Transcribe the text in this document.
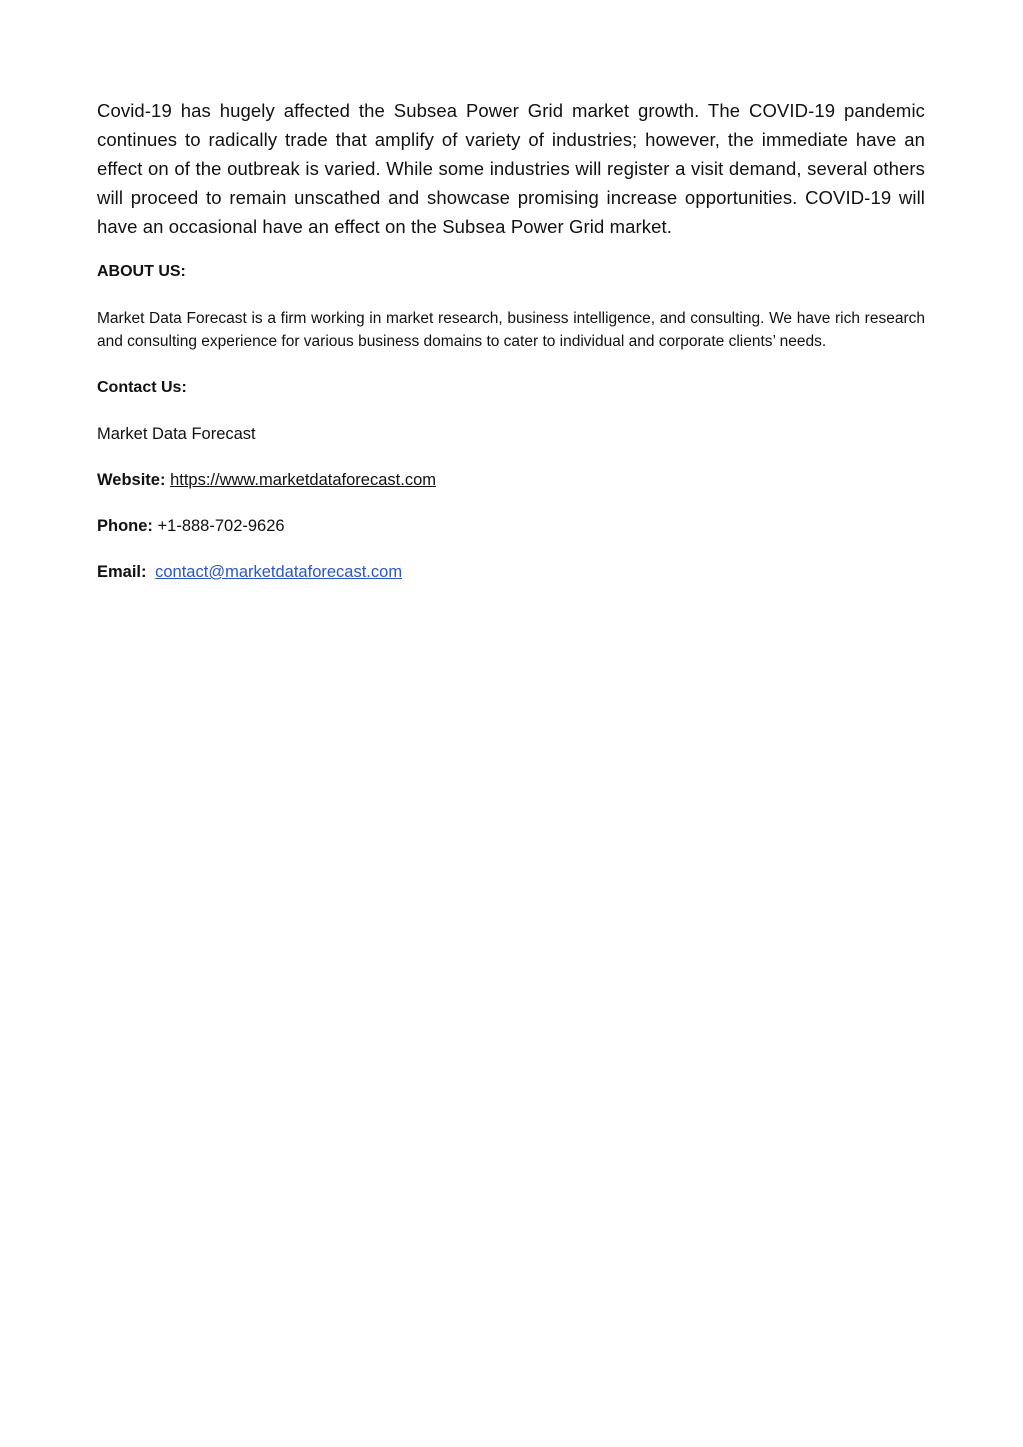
Covid-19 has hugely affected the Subsea Power Grid market growth. The COVID-19 pandemic continues to radically trade that amplify of variety of industries; however, the immediate have an effect on of the outbreak is varied. While some industries will register a visit demand, several others will proceed to remain unscathed and showcase promising increase opportunities. COVID-19 will have an occasional have an effect on the Subsea Power Grid market.

ABOUT US:

Market Data Forecast is a firm working in market research, business intelligence, and consulting. We have rich research and consulting experience for various business domains to cater to individual and corporate clients’ needs.

Contact Us:

Market Data Forecast

Website: https://www.marketdataforecast.com

Phone: +1-888-702-9626

Email: contact@marketdataforecast.com
